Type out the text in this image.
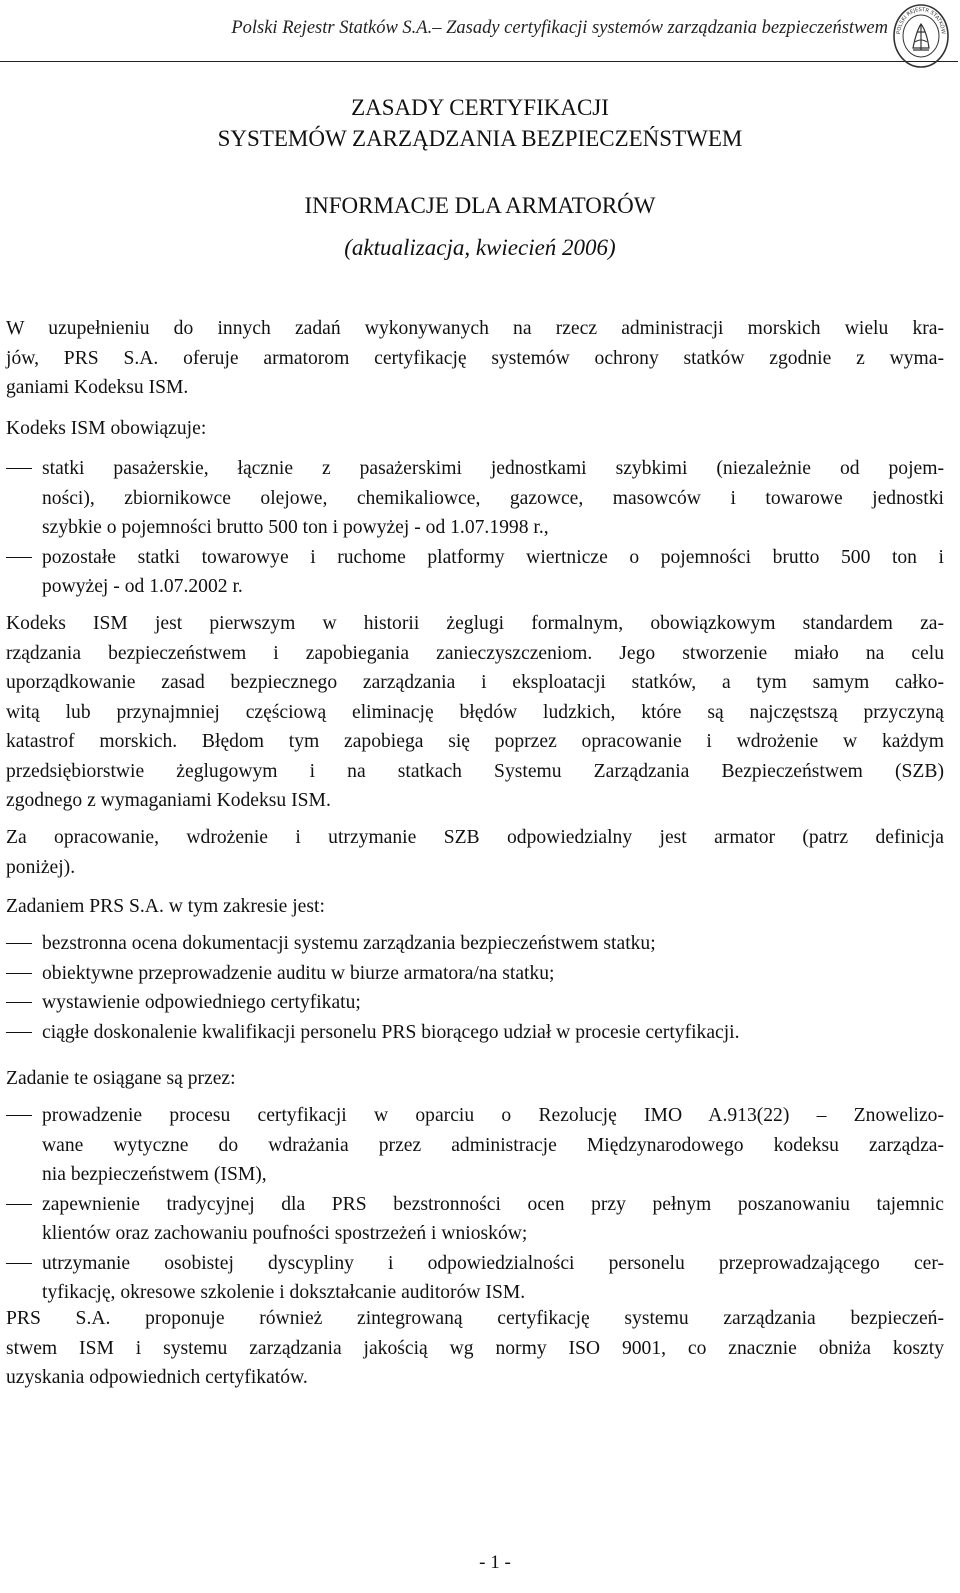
Polski Rejestr Statków S.A.– Zasady certyfikacji systemów zarządzania bezpieczeństwem POLSKI REJESTR STATKÓW
ZASADY CERTYFIKACJI
SYSTEMÓW ZARZĄDZANIA BEZPIECZEŃSTWEM
INFORMACJE DLA ARMATORÓW
(aktualizacja, kwiecień 2006)
W uzupełnieniu do innych zadań wykonywanych na rzecz administracji morskich wielu kra-
jów, PRS S.A. oferuje armatorom certyfikację systemów ochrony statków zgodnie z wyma-
ganiami Kodeksu ISM.
Kodeks ISM obowiązuje:
statki pasażerskie, łącznie z pasażerskimi jednostkami szybkimi (niezależnie od pojem-
ności), zbiornikowce olejowe, chemikaliowce, gazowce, masowców i towarowe jednostki
szybkie o pojemności brutto 500 ton i powyżej - od 1.07.1998 r.,
pozostałe statki towarowye i ruchome platformy wiertnicze o pojemności brutto 500 ton i
powyżej - od 1.07.2002 r.
Kodeks ISM jest pierwszym w historii żeglugi formalnym, obowiązkowym standardem za-
rządzania bezpieczeństwem i zapobiegania zanieczyszczeniom. Jego stworzenie miało na celu
uporządkowanie zasad bezpiecznego zarządzania i eksploatacji statków, a tym samym całko-
witą lub przynajmniej częściową eliminację błędów ludzkich, które są najczęstszą przyczyną
katastrof morskich. Błędom tym zapobiega się poprzez opracowanie i wdrożenie w każdym
przedsiębiorstwie żeglugowym i na statkach Systemu Zarządzania Bezpieczeństwem (SZB)
zgodnego z wymaganiami Kodeksu ISM.
Za opracowanie, wdrożenie i utrzymanie SZB odpowiedzialny jest armator (patrz definicja
poniżej).
Zadaniem PRS S.A. w tym zakresie jest:
bezstronna ocena dokumentacji systemu zarządzania bezpieczeństwem statku;
obiektywne przeprowadzenie auditu w biurze armatora/na statku;
wystawienie odpowiedniego certyfikatu;
ciągłe doskonalenie kwalifikacji personelu PRS biorącego udział w procesie certyfikacji.
Zadanie te osiągane są przez:
prowadzenie procesu certyfikacji w oparciu o Rezolucję IMO A.913(22) – Znowelizo-
wane wytyczne do wdrażania przez administracje Międzynarodowego kodeksu zarządza-
nia bezpieczeństwem (ISM),
zapewnienie tradycyjnej dla PRS bezstronności ocen przy pełnym poszanowaniu tajemnic
klientów oraz zachowaniu poufności spostrzeżeń i wniosków;
utrzymanie osobistej dyscypliny i odpowiedzialności personelu przeprowadzającego cer-
tyfikację, okresowe szkolenie i dokształcanie auditorów ISM.
PRS S.A. proponuje również zintegrowaną certyfikację systemu zarządzania bezpieczeń-
stwem ISM i systemu zarządzania jakością wg normy ISO 9001, co znacznie obniża koszty
uzyskania odpowiednich certyfikatów.
- 1 -
